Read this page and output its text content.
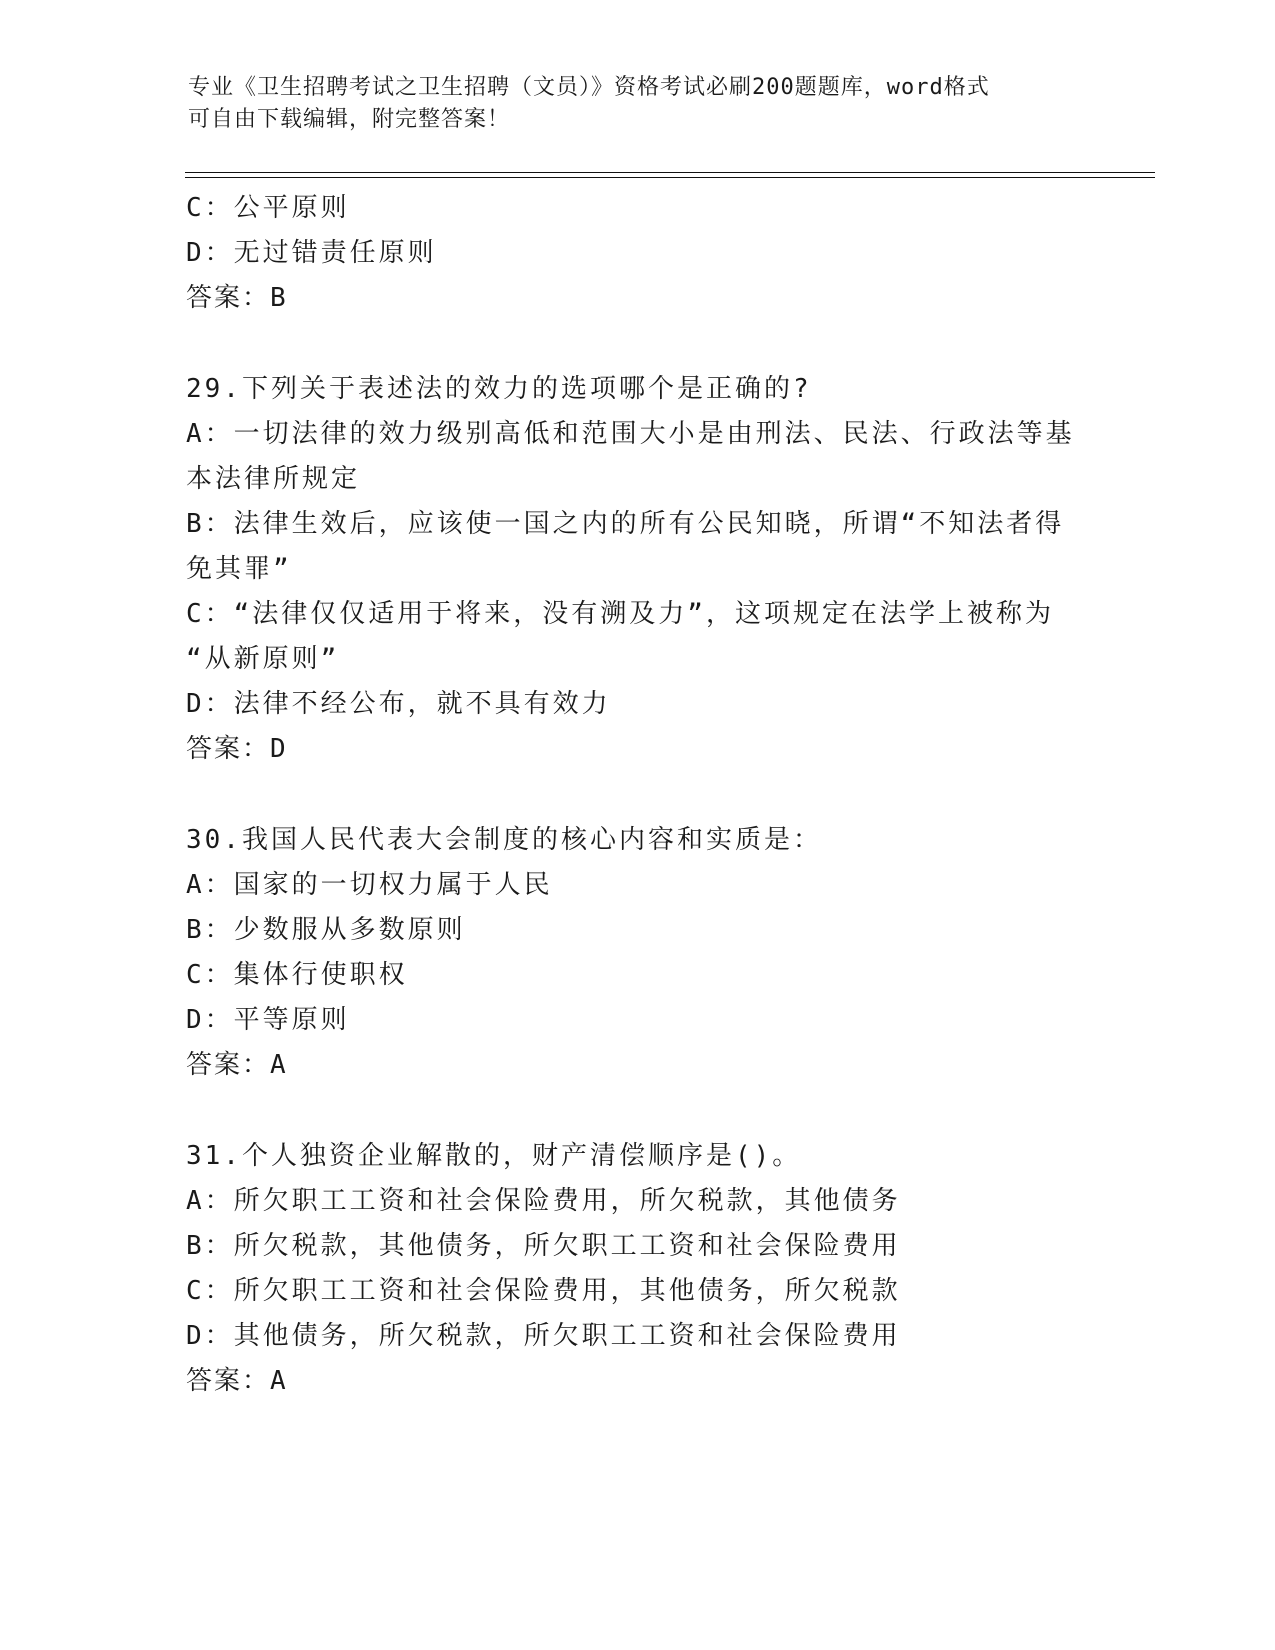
专业《卫生招聘考试之卫生招聘（文员）》资格考试必刷200题题库，word格式
可自由下载编辑，附完整答案！
C：公平原则
D：无过错责任原则
答案：B
29.下列关于表述法的效力的选项哪个是正确的?
A：一切法律的效力级别高低和范围大小是由刑法、民法、行政法等基
本法律所规定
B：法律生效后，应该使一国之内的所有公民知晓，所谓“不知法者得
免其罪”
C：“法律仅仅适用于将来，没有溯及力”，这项规定在法学上被称为
“从新原则”
D：法律不经公布，就不具有效力
答案：D
30.我国人民代表大会制度的核心内容和实质是：
A：国家的一切权力属于人民
B：少数服从多数原则
C：集体行使职权
D：平等原则
答案：A
31.个人独资企业解散的，财产清偿顺序是()。
A：所欠职工工资和社会保险费用，所欠税款，其他债务
B：所欠税款，其他债务，所欠职工工资和社会保险费用
C：所欠职工工资和社会保险费用，其他债务，所欠税款
D：其他债务，所欠税款，所欠职工工资和社会保险费用
答案：A
